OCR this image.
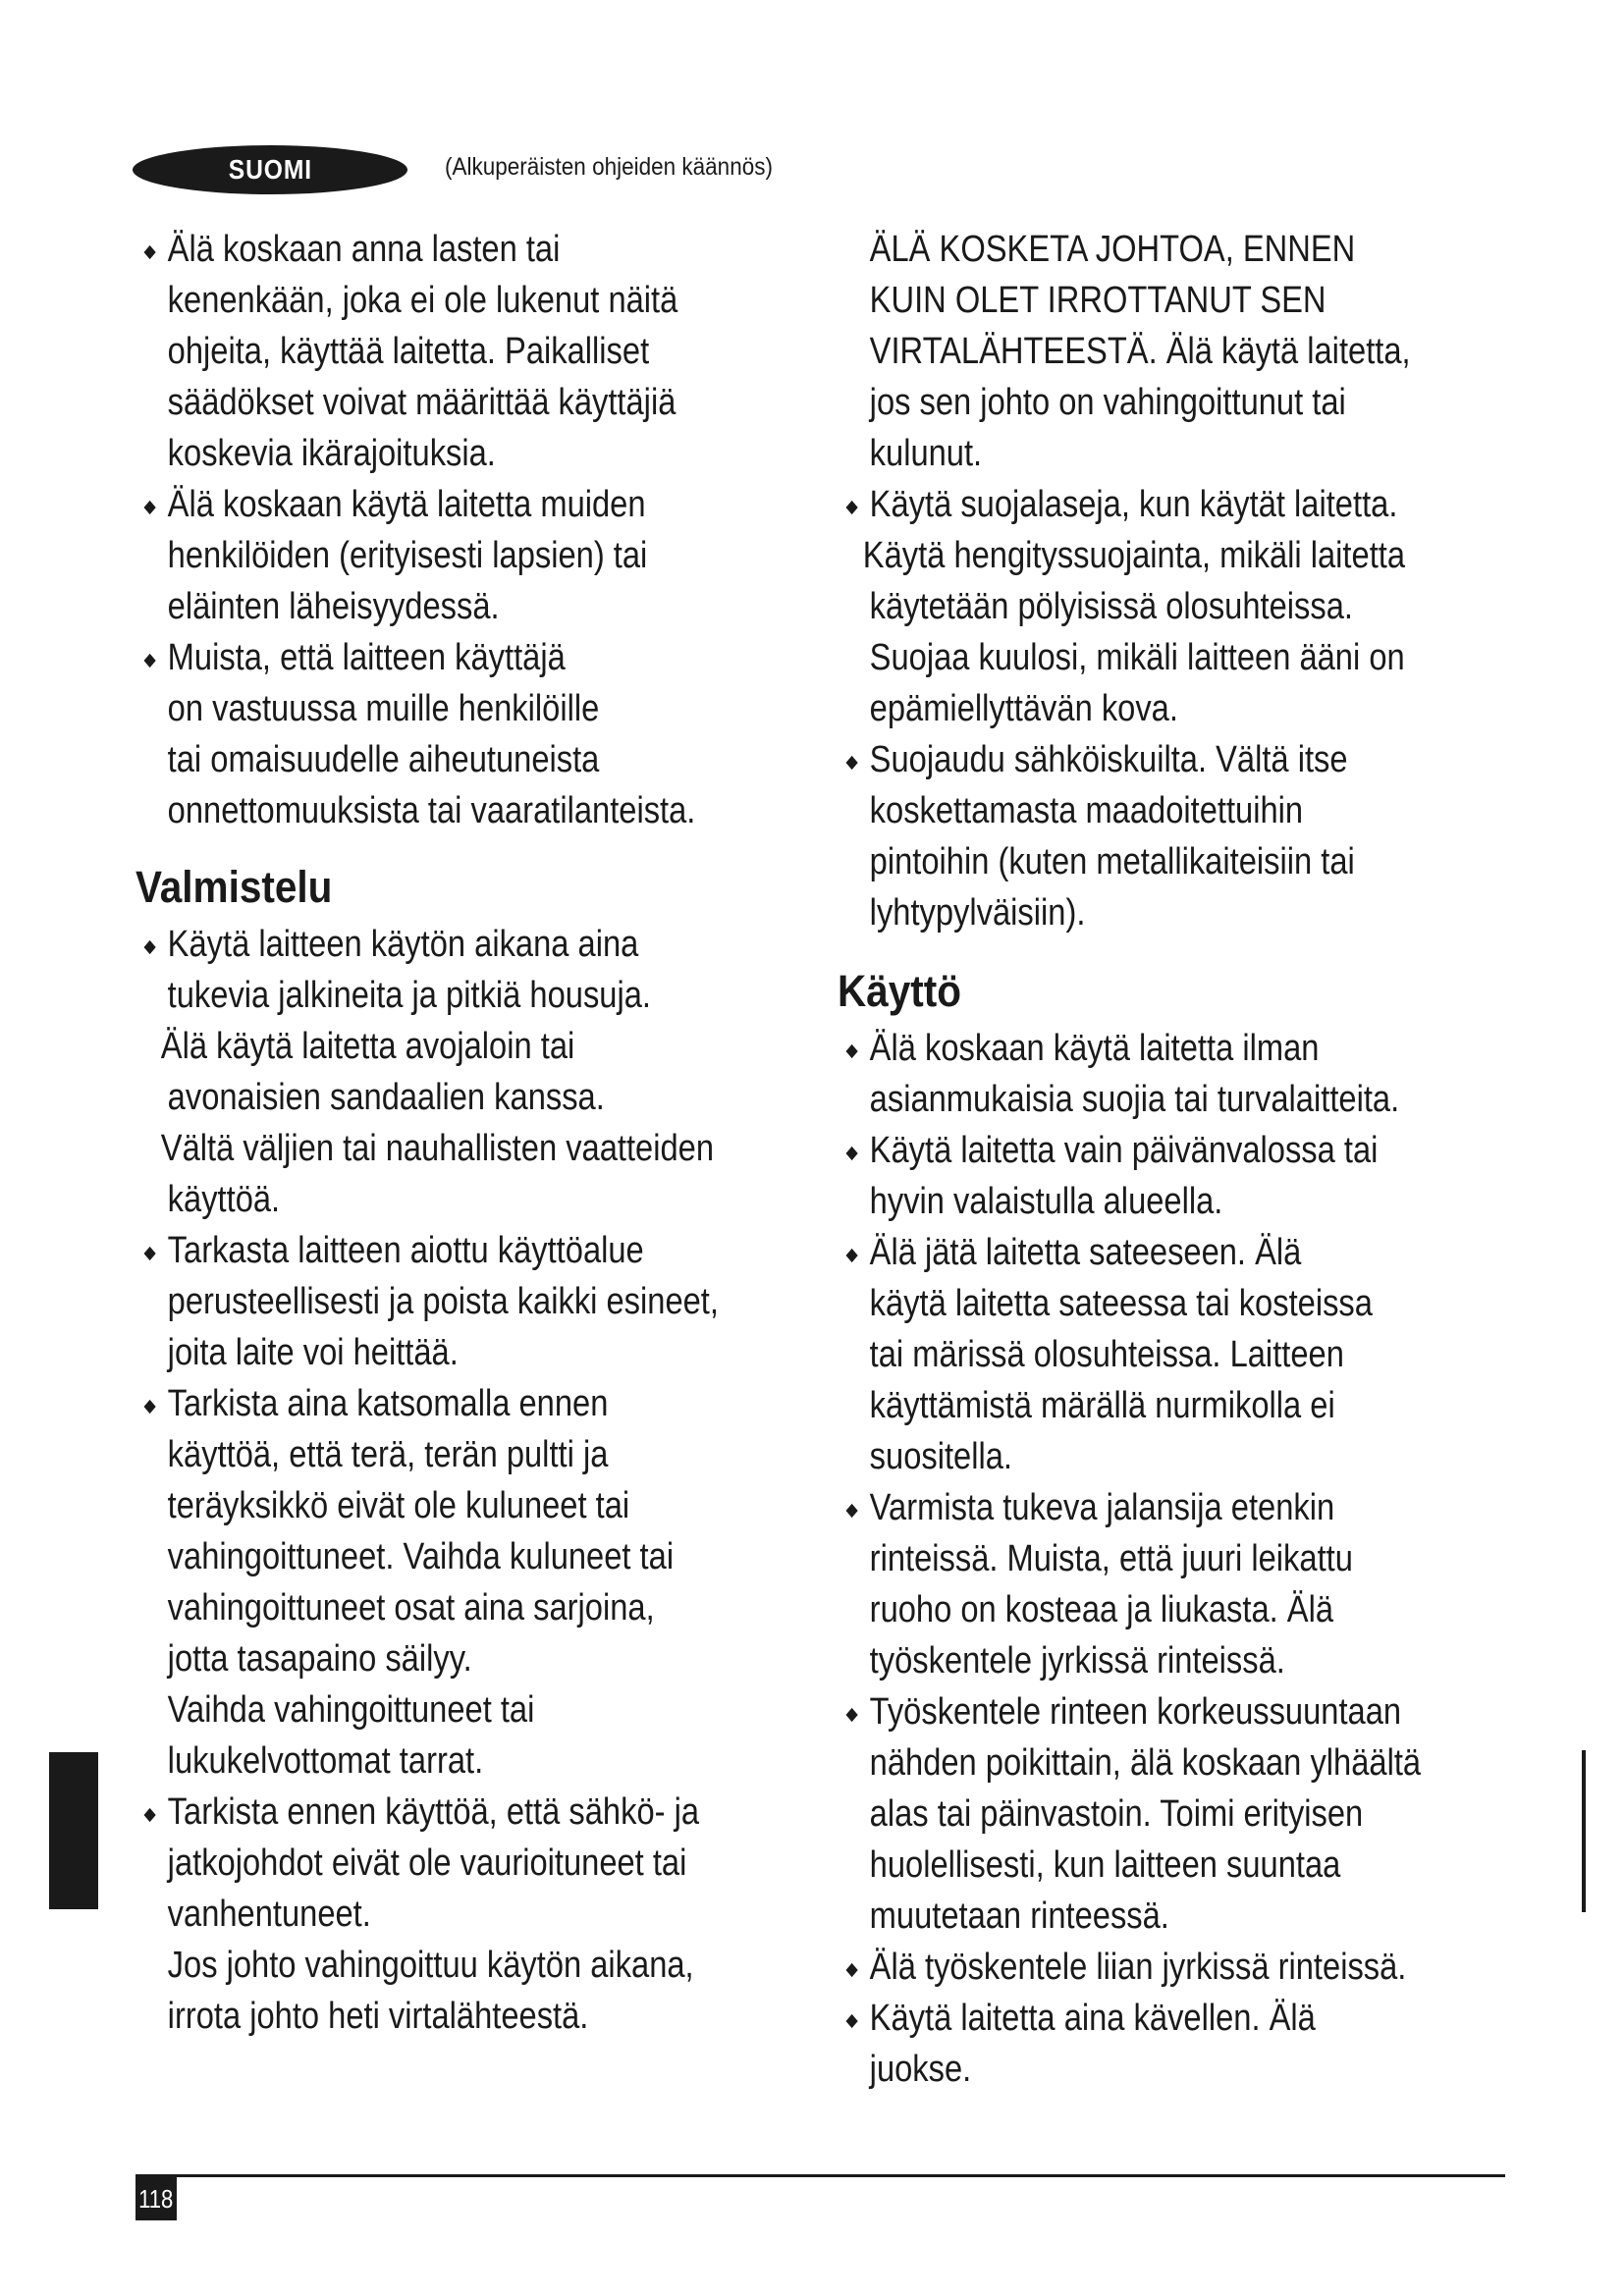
SUOMI	(Alkuperäisten ohjeiden käännös)
Älä koskaan anna lasten tai
kenenkään, joka ei ole lukenut näitä
ohjeita, käyttää laitetta. Paikalliset
säädökset voivat määrittää käyttäjiä
koskevia ikärajoituksia.
Älä koskaan käytä laitetta muiden
henkilöiden (erityisesti lapsien) tai
eläinten läheisyydessä.
Muista, että laitteen käyttäjä
on vastuussa muille henkilöille
tai omaisuudelle aiheutuneista
onnettomuuksista tai vaaratilanteista.
Valmistelu
Käytä laitteen käytön aikana aina
tukevia jalkineita ja pitkiä housuja.

Älä käytä laitetta avojaloin tai

avonaisien sandaalien kanssa.

Vältä väljien tai nauhallisten vaatteiden

käyttöä.

Tarkasta laitteen aiottu käyttöalue
perusteellisesti ja poista kaikki esineet,
joita laite voi heittää.
Tarkista aina katsomalla ennen
käyttöä, että terä, terän pultti ja
teräyksikkö eivät ole kuluneet tai
vahingoittuneet. Vaihda kuluneet tai
vahingoittuneet osat aina sarjoina,
jotta tasapaino säilyy.
Vaihda vahingoittuneet tai
lukukelvottomat tarrat.
Tarkista ennen käyttöä, että sähkö- ja
jatkojohdot eivät ole vaurioituneet tai
vanhentuneet.
Jos johto vahingoittuu käytön aikana,
irrota johto heti virtalähteestä.

ÄLÄ KOSKETA JOHTOA, ENNEN

KUIN OLET IRROTTANUT SEN

VIRTALÄHTEESTÄ. Älä käytä laitetta,

jos sen johto on vahingoittunut tai

kulunut.

Käytä suojalaseja, kun käytät laitetta.

Käytä hengityssuojainta, mikäli laitetta

käytetään pölyisissä olosuhteissa.

Suojaa kuulosi, mikäli laitteen ääni on

epämiellyttävän kova.

Suojaudu sähköiskuilta. Vältä itse
koskettamasta maadoitettuihin
pintoihin (kuten metallikaiteisiin tai
lyhtypylväisiin).
Käyttö
Älä koskaan käytä laitetta ilman
asianmukaisia suojia tai turvalaitteita.
Käytä laitetta vain päivänvalossa tai
hyvin valaistulla alueella.
Älä jätä laitetta sateeseen. Älä
käytä laitetta sateessa tai kosteissa
tai märissä olosuhteissa. Laitteen
käyttämistä märällä nurmikolla ei
suositella.
Varmista tukeva jalansija etenkin
rinteissä. Muista, että juuri leikattu
ruoho on kosteaa ja liukasta. Älä
työskentele jyrkissä rinteissä.
Työskentele rinteen korkeussuuntaan
nähden poikittain, älä koskaan ylhäältä
alas tai päinvastoin. Toimi erityisen
huolellisesti, kun laitteen suuntaa
muutetaan rinteessä.
Älä työskentele liian jyrkissä rinteissä.
Käytä laitetta aina kävellen. Älä
juokse.
118
